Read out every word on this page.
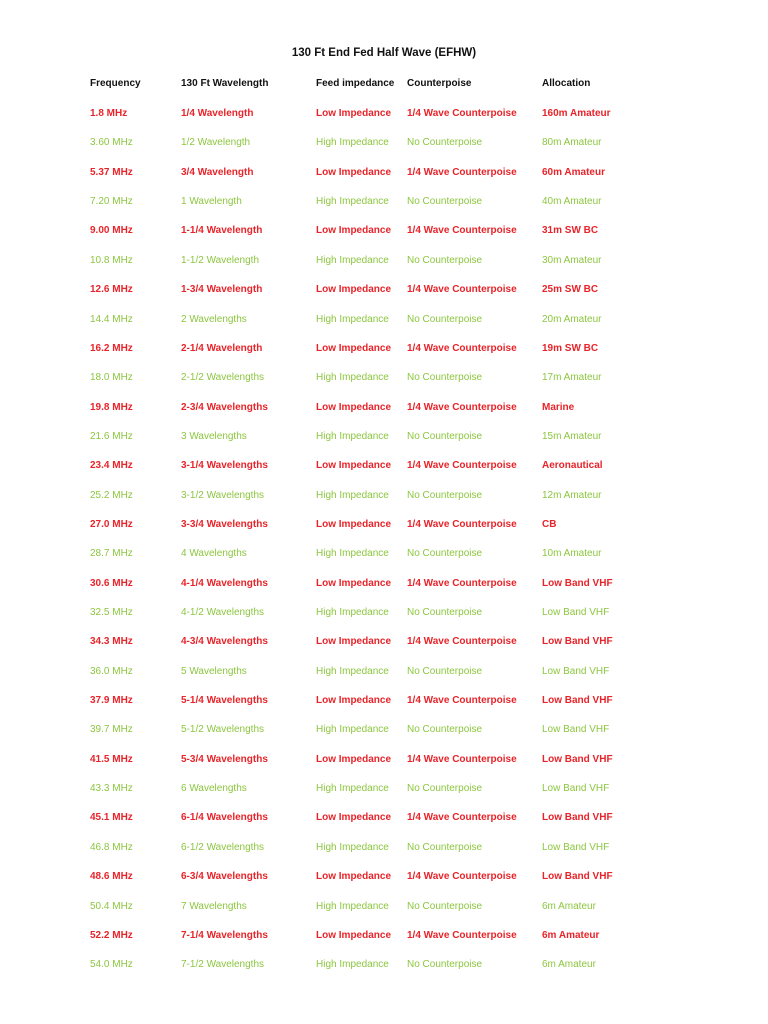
130 Ft End Fed Half Wave (EFHW)
Frequency	130 Ft Wavelength	Feed impedance Counterpoise	Allocation
1.8 MHz	1/4 Wavelength	Low Impedance 1/4 Wave Counterpoise	160m Amateur
3.60 MHz	1/2 Wavelength	High Impedance No Counterpoise	80m Amateur
5.37 MHz	3/4 Wavelength	Low Impedance 1/4 Wave Counterpoise	60m Amateur
7.20 MHz	1 Wavelength	High Impedance No Counterpoise	40m Amateur
9.00 MHz	1-1/4 Wavelength	Low Impedance 1/4 Wave Counterpoise	31m SW BC
10.8 MHz	1-1/2 Wavelength	High Impedance No Counterpoise	30m Amateur
12.6 MHz	1-3/4 Wavelength	Low Impedance 1/4 Wave Counterpoise	25m SW BC
14.4 MHz	2 Wavelengths	High Impedance No Counterpoise	20m Amateur
16.2 MHz	2-1/4 Wavelength	Low Impedance 1/4 Wave Counterpoise	19m SW BC
18.0 MHz	2-1/2 Wavelengths	High Impedance No Counterpoise	17m Amateur
19.8 MHz	2-3/4 Wavelengths	Low Impedance 1/4 Wave Counterpoise	Marine
21.6 MHz	3 Wavelengths	High Impedance No Counterpoise	15m Amateur
23.4 MHz	3-1/4 Wavelengths	Low Impedance 1/4 Wave Counterpoise	Aeronautical
25.2 MHz	3-1/2 Wavelengths	High Impedance No Counterpoise	12m Amateur
27.0 MHz	3-3/4 Wavelengths	Low Impedance 1/4 Wave Counterpoise	CB
28.7 MHz	4 Wavelengths	High Impedance No Counterpoise	10m Amateur
30.6 MHz	4-1/4 Wavelengths	Low Impedance 1/4 Wave Counterpoise	Low Band VHF
32.5 MHz	4-1/2 Wavelengths	High Impedance No Counterpoise	Low Band VHF
34.3 MHz	4-3/4 Wavelengths	Low Impedance 1/4 Wave Counterpoise	Low Band VHF
36.0 MHz	5 Wavelengths	High Impedance No Counterpoise	Low Band VHF
37.9 MHz	5-1/4 Wavelengths	Low Impedance 1/4 Wave Counterpoise	Low Band VHF
39.7 MHz	5-1/2 Wavelengths	High Impedance No Counterpoise	Low Band VHF
41.5 MHz	5-3/4 Wavelengths	Low Impedance 1/4 Wave Counterpoise	Low Band VHF
43.3 MHz	6 Wavelengths	High Impedance No Counterpoise	Low Band VHF
45.1 MHz	6-1/4 Wavelengths	Low Impedance 1/4 Wave Counterpoise	Low Band VHF
46.8 MHz	6-1/2 Wavelengths	High Impedance No Counterpoise	Low Band VHF
48.6 MHz	6-3/4 Wavelengths	Low Impedance 1/4 Wave Counterpoise	Low Band VHF
50.4 MHz	7 Wavelengths	High Impedance No Counterpoise	6m Amateur
52.2 MHz	7-1/4 Wavelengths	Low Impedance 1/4 Wave Counterpoise	6m Amateur
54.0 MHz	7-1/2 Wavelengths	High Impedance No Counterpoise	6m Amateur
